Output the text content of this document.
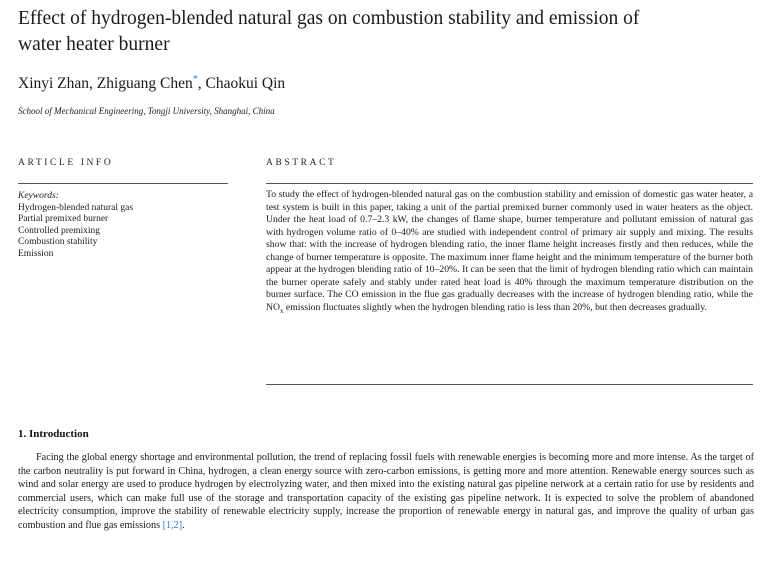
Effect of hydrogen-blended natural gas on combustion stability and emission of water heater burner
Xinyi Zhan, Zhiguang Chen*, Chaokui Qin
School of Mechanical Engineering, Tongji University, Shanghai, China
ARTICLE INFO	ABSTRACT
Keywords:
Hydrogen-blended natural gas
Partial premixed burner
Controlled premixing
Combustion stability
Emission
To study the effect of hydrogen-blended natural gas on the combustion stability and emission of domestic gas water heater, a test system is built in this paper, taking a unit of the partial premixed burner commonly used in water heaters as the object. Under the heat load of 0.7–2.3 kW, the changes of flame shape, burner temperature and pollutant emission of natural gas with hydrogen volume ratio of 0–40% are studied with independent control of primary air supply and mixing. The results show that: with the increase of hydrogen blending ratio, the inner flame height increases firstly and then reduces, while the change of burner temperature is opposite. The maximum inner flame height and the minimum temperature of the burner both appear at the hydrogen blending ratio of 10–20%. It can be seen that the limit of hydrogen blending ratio which can maintain the burner operate safely and stably under rated heat load is 40% through the maximum temperature distribution on the burner surface. The CO emission in the flue gas gradually decreases with the increase of hydrogen blending ratio, while the $NO_x$ emission fluctuates slightly when the hydrogen blending ratio is less than 20%, but then decreases gradually.
1. Introduction

Facing the global energy shortage and environmental pollution, the trend of replacing fossil fuels with renewable energies is becoming more and more intense. As the target of the carbon neutrality is put forward in China, hydrogen, a clean energy source with zero-carbon emissions, is getting more and more attention. Renewable energy sources such as wind and solar energy are used to produce hydrogen by electrolyzing water, and then mixed into the existing natural gas pipeline network at a certain ratio for use by residents and commercial users, which can make full use of the storage and transportation capacity of the existing gas pipeline network. It is expected to solve the problem of abandoned electricity consumption, improve the stability of renewable electricity supply, increase the proportion of renewable energy in natural gas, and improve the quality of urban gas combustion and flue gas emissions [1,2].
